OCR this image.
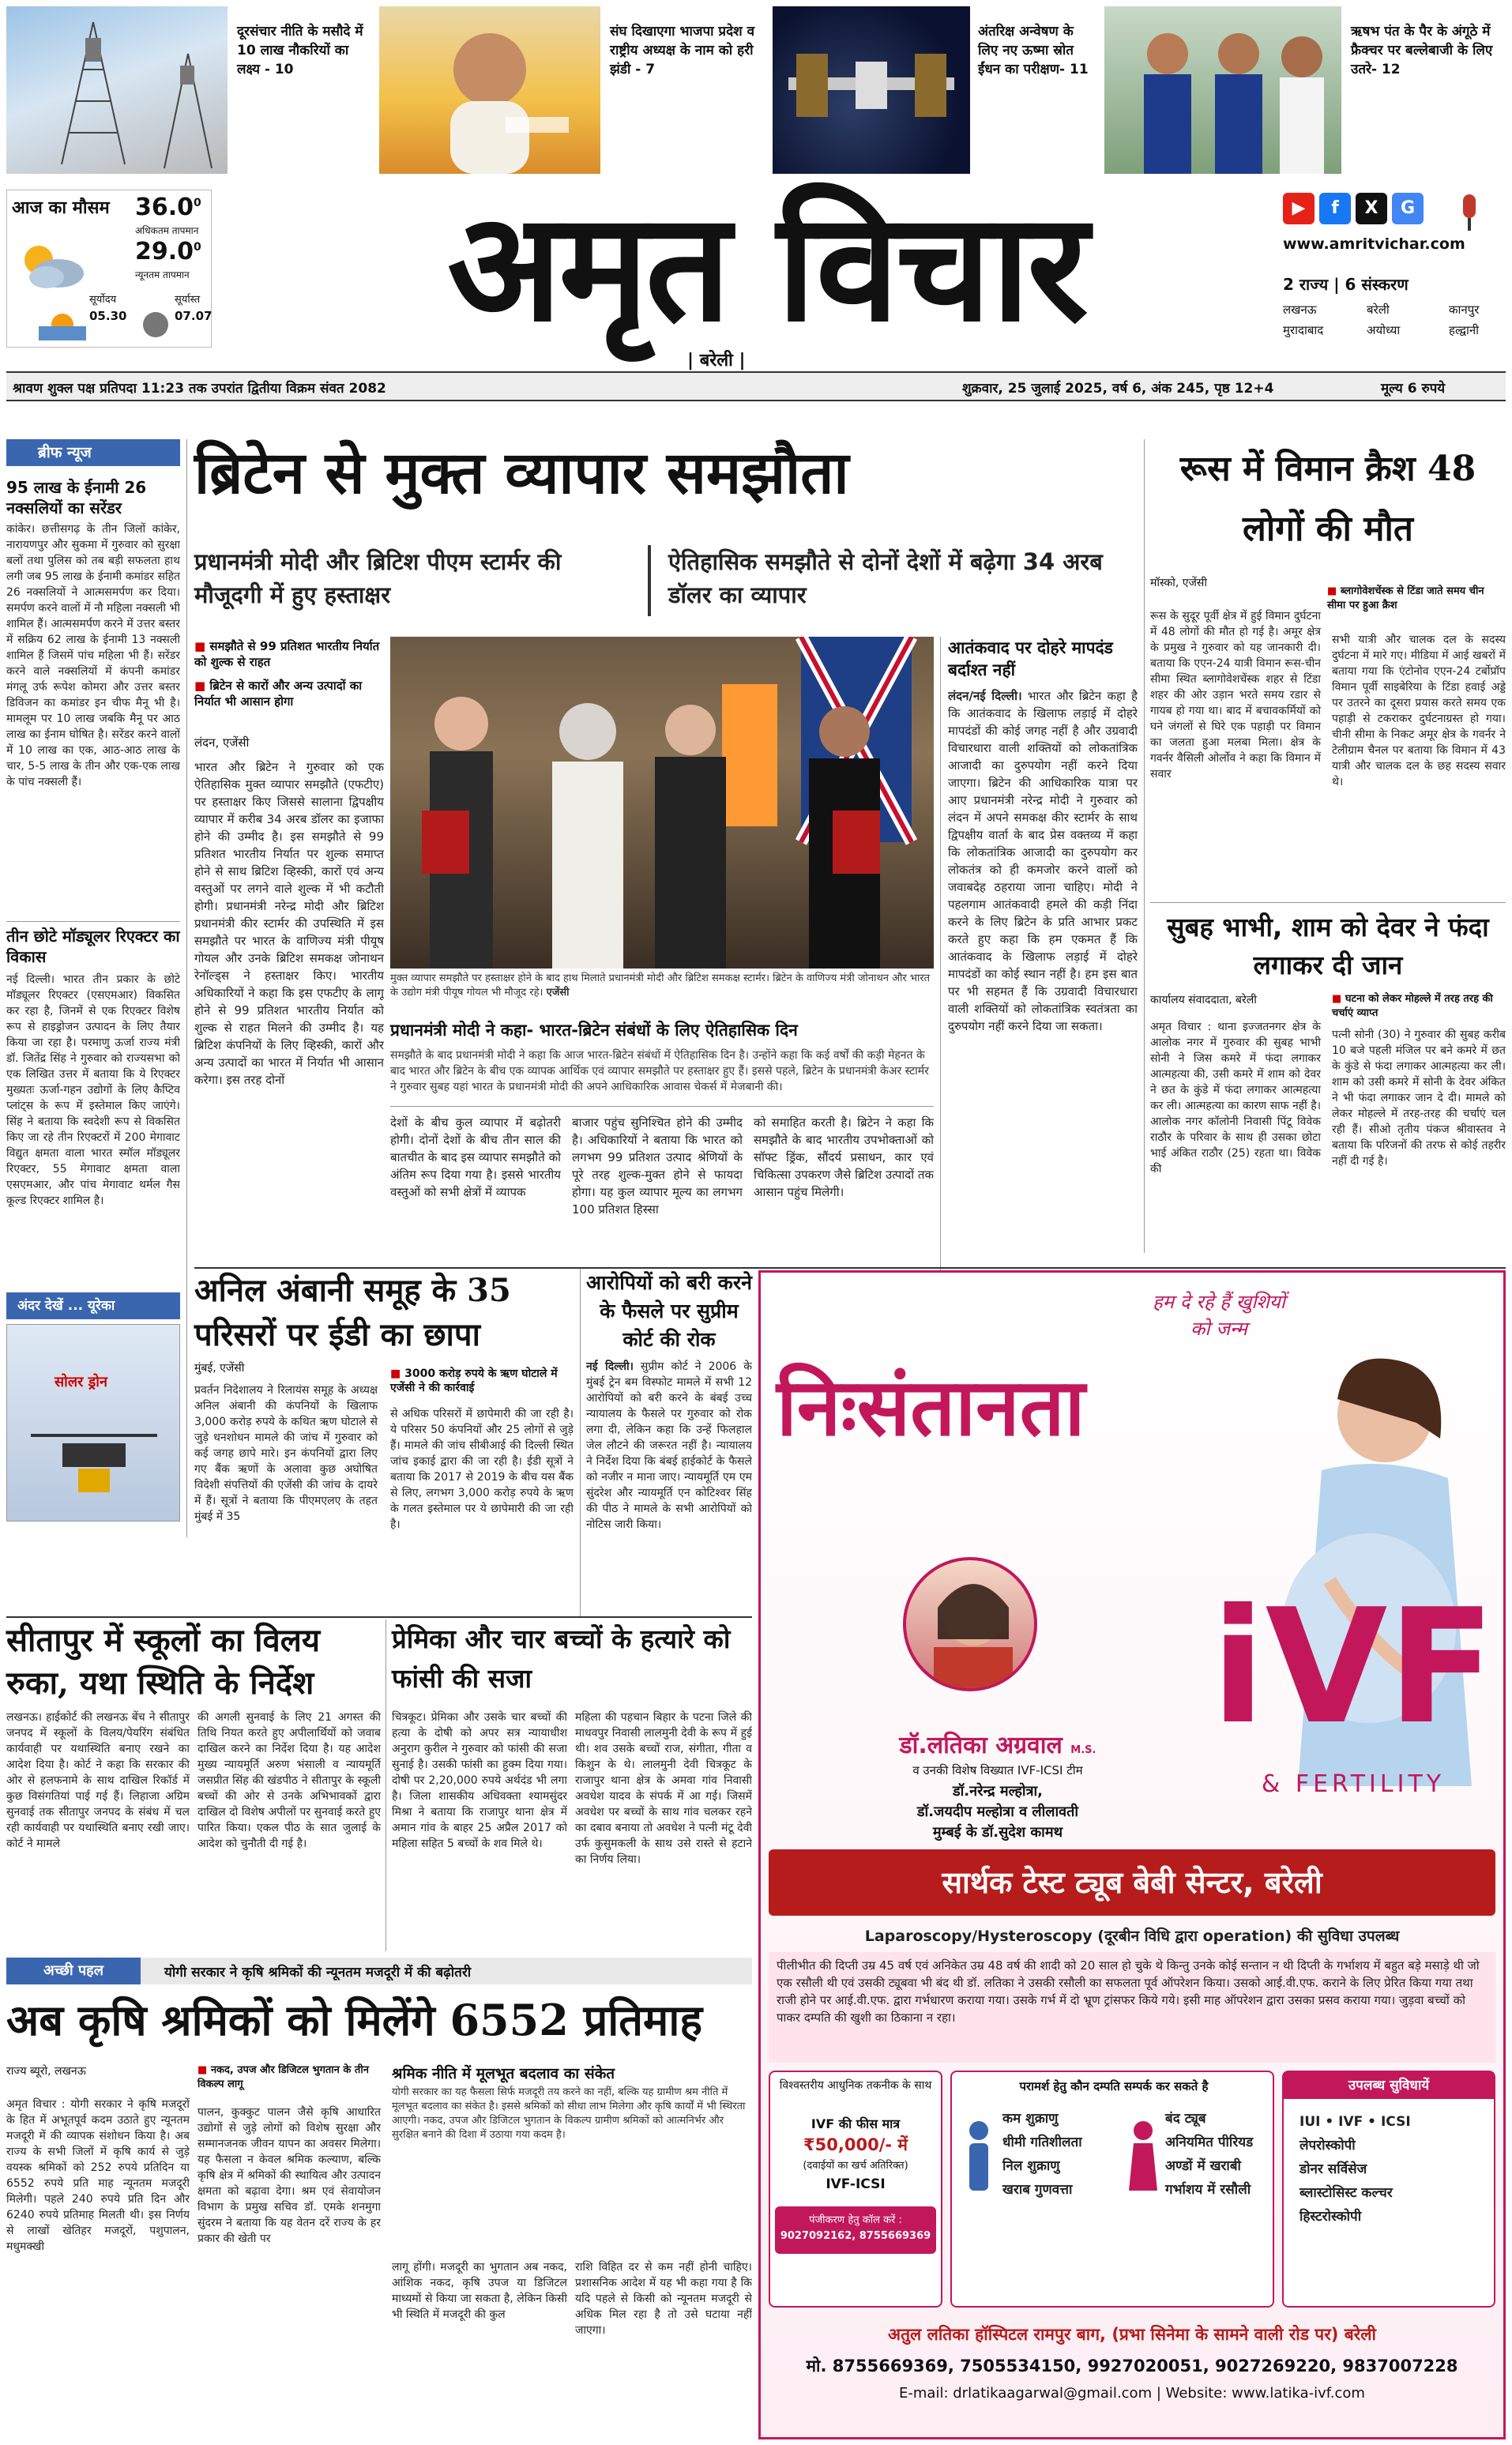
दूरसंचार नीति के मसौदे में 10 लाख नौकरियों का लक्ष्य - 10
संघ दिखाएगा भाजपा प्रदेश व राष्ट्रीय अध्यक्ष के नाम को हरी झंडी - 7
अंतरिक्ष अन्वेषण के लिए नए ऊष्मा स्रोत ईंधन का परीक्षण- 11
ऋषभ पंत के पैर के अंगूठे में फ्रैक्चर पर बल्लेबाजी के लिए उतरे- 12
आज का मौसम 36.0$^0$
अधिकतम तापमान
29.0$^0$
न्यूनतम तापमान
सूर्योदय
05.30
सूर्यास्त
07.07	अमृत विचार
| बरेली |
▶	f	X	G
www.amritvichar.com
2 राज्य | 6 संस्करण
लखनऊ	बरेली	कानपुर
मुरादाबाद	अयोध्या	हल्द्वानी
श्रावण शुक्ल पक्ष प्रतिपदा 11:23 तक उपरांत द्वितीया विक्रम संवत 2082	शुक्रवार, 25 जुलाई 2025, वर्ष 6, अंक 245, पृष्ठ 12+4	मूल्य 6 रुपये
ब्रीफ न्यूज
95 लाख के ईनामी 26 नक्सलियों का सरेंडर
कांकेर। छत्तीसगढ़ के तीन जिलों कांकेर, नारायणपुर और सुकमा में गुरुवार को सुरक्षा बलों तथा पुलिस को तब बड़ी सफलता हाथ लगी जब 95 लाख के ईनामी कमांडर सहित 26 नक्सलियों ने आत्मसमर्पण कर दिया। समर्पण करने वालों में नौ महिला नक्सली भी शामिल हैं। आत्मसमर्पण करने में उत्तर बस्तर में सक्रिय 62 लाख के ईनामी 13 नक्सली शामिल हैं जिसमें पांच महिला भी हैं। सरेंडर करने वाले नक्सलियों में कंपनी कमांडर मंगलू उर्फ रूपेश कोमरा और उत्तर बस्तर डिविजन का कमांडर इन चीफ मैनू भी है। मामलूम पर 10 लाख जबकि मैनू पर आठ लाख का ईनाम घोषित है। सरेंडर करने वालों में 10 लाख का एक, आठ-आठ लाख के चार, 5-5 लाख के तीन और एक-एक लाख के पांच नक्सली हैं।
तीन छोटे मॉड्यूलर रिएक्टर का विकास
नई दिल्ली। भारत तीन प्रकार के छोटे मॉड्यूलर रिएक्टर (एसएमआर) विकसित कर रहा है, जिनमें से एक रिएक्टर विशेष रूप से हाइड्रोजन उत्पादन के लिए तैयार किया जा रहा है। परमाणु ऊर्जा राज्य मंत्री डॉ. जितेंद्र सिंह ने गुरुवार को राज्यसभा को एक लिखित उत्तर में बताया कि ये रिएक्टर मुख्यतः ऊर्जा-गहन उद्योगों के लिए कैप्टिव प्लांट्स के रूप में इस्तेमाल किए जाएंगे। सिंह ने बताया कि स्वदेशी रूप से विकसित किए जा रहे तीन रिएक्टरों में 200 मेगावाट विद्युत क्षमता वाला भारत स्मॉल मॉड्यूलर रिएक्टर, 55 मेगावाट क्षमता वाला एसएमआर, और पांच मेगावाट थर्मल गैस कूल्ड रिएक्टर शामिल है।
अंदर देखें ... यूरेका
सोलर ड्रोन
ब्रिटेन से मुक्त व्यापार समझौता
प्रधानमंत्री मोदी और ब्रिटिश पीएम स्टार्मर की मौजूदगी में हुए हस्ताक्षर
ऐतिहासिक समझौते से दोनों देशों में बढ़ेगा 34 अरब डॉलर का व्यापार
■ समझौते से 99 प्रतिशत भारतीय निर्यात को शुल्क से राहत
■ ब्रिटेन से कारों और अन्य उत्पादों का निर्यात भी आसान होगा
लंदन, एजेंसी
भारत और ब्रिटेन ने गुरुवार को एक ऐतिहासिक मुक्त व्यापार समझौते (एफटीए) पर हस्ताक्षर किए जिससे सालाना द्विपक्षीय व्यापार में करीब 34 अरब डॉलर का इजाफा होने की उम्मीद है। इस समझौते से 99 प्रतिशत भारतीय निर्यात पर शुल्क समाप्त होने से साथ ब्रिटिश व्हिस्की, कारों एवं अन्य वस्तुओं पर लगने वाले शुल्क में भी कटौती होगी। प्रधानमंत्री नरेन्द्र मोदी और ब्रिटिश प्रधानमंत्री कीर स्टार्मर की उपस्थिति में इस समझौते पर भारत के वाणिज्य मंत्री पीयूष गोयल और उनके ब्रिटिश समकक्ष जोनाथन रेनॉल्ड्स ने हस्ताक्षर किए। भारतीय अधिकारियों ने कहा कि इस एफटीए के लागू होने से 99 प्रतिशत भारतीय निर्यात को शुल्क से राहत मिलने की उम्मीद है। यह ब्रिटिश कंपनियों के लिए व्हिस्की, कारों और अन्य उत्पादों का भारत में निर्यात भी आसान करेगा। इस तरह दोनों
मुक्त व्यापार समझौते पर हस्ताक्षर होने के बाद हाथ मिलाते प्रधानमंत्री मोदी और ब्रिटिश समकक्ष स्टार्मर। ब्रिटेन के वाणिज्य मंत्री जोनाथन और भारत के उद्योग मंत्री पीयूष गोयल भी मौजूद रहे। एजेंसी
प्रधानमंत्री मोदी ने कहा- भारत-ब्रिटेन संबंधों के लिए ऐतिहासिक दिन
समझौते के बाद प्रधानमंत्री मोदी ने कहा कि आज भारत-ब्रिटेन संबंधों में ऐतिहासिक दिन है। उन्होंने कहा कि कई वर्षों की कड़ी मेहनत के बाद भारत और ब्रिटेन के बीच एक व्यापक आर्थिक एवं व्यापार समझौते पर हस्ताक्षर हुए हैं। इससे पहले, ब्रिटेन के प्रधानमंत्री केअर स्टार्मर ने गुरुवार सुबह यहां भारत के प्रधानमंत्री मोदी की अपने आधिकारिक आवास चेकर्स में मेजबानी की।
देशों के बीच कुल व्यापार में बढ़ोतरी होगी। दोनों देशों के बीच तीन साल की बातचीत के बाद इस व्यापार समझौते को अंतिम रूप दिया गया है। इससे भारतीय वस्तुओं को सभी क्षेत्रों में व्यापक
बाजार पहुंच सुनिश्चित होने की उम्मीद है। अधिकारियों ने बताया कि भारत को लगभग 99 प्रतिशत उत्पाद श्रेणियों के पूरे तरह शुल्क-मुक्त होने से फायदा होगा। यह कुल व्यापार मूल्य का लगभग 100 प्रतिशत हिस्सा
को समाहित करती है। ब्रिटेन ने कहा कि समझौते के बाद भारतीय उपभोक्ताओं को सॉफ्ट ड्रिंक, सौंदर्य प्रसाधन, कार एवं चिकित्सा उपकरण जैसे ब्रिटिश उत्पादों तक आसान पहुंच मिलेगी।
आतंकवाद पर दोहरे मापदंड बर्दाश्त नहीं
लंदन/नई दिल्ली। भारत और ब्रिटेन कहा है कि आतंकवाद के खिलाफ लड़ाई में दोहरे मापदंडों की कोई जगह नहीं है और उग्रवादी विचारधारा वाली शक्तियों को लोकतांत्रिक आजादी का दुरुपयोग नहीं करने दिया जाएगा। ब्रिटेन की आधिकारिक यात्रा पर आए प्रधानमंत्री नरेन्द्र मोदी ने गुरुवार को लंदन में अपने समकक्ष कीर स्टार्मर के साथ द्विपक्षीय वार्ता के बाद प्रेस वक्तव्य में कहा कि लोकतांत्रिक आजादी का दुरुपयोग कर लोकतंत्र को ही कमजोर करने वालों को जवाबदेह ठहराया जाना चाहिए। मोदी ने पहलगाम आतंकवादी हमले की कड़ी निंदा करने के लिए ब्रिटेन के प्रति आभार प्रकट करते हुए कहा कि हम एकमत हैं कि आतंकवाद के खिलाफ लड़ाई में दोहरे मापदंडों का कोई स्थान नहीं है। हम इस बात पर भी सहमत हैं कि उग्रवादी विचारधारा वाली शक्तियों को लोकतांत्रिक स्वतंत्रता का दुरुपयोग नहीं करने दिया जा सकता।
रूस में विमान क्रैश 48 लोगों की मौत
मॉस्को, एजेंसी
■ ब्लागोवेशचेंस्क से टिंडा जाते समय चीन सीमा पर हुआ क्रैश
रूस के सुदूर पूर्वी क्षेत्र में हुई विमान दुर्घटना में 48 लोगों की मौत हो गई है। अमूर क्षेत्र के प्रमुख ने गुरुवार को यह जानकारी दी। बताया कि एएन-24 यात्री विमान रूस-चीन सीमा स्थित ब्लागोवेशचेंस्क शहर से टिंडा शहर की ओर उड़ान भरते समय रडार से गायब हो गया था। बाद में बचावकर्मियों को घने जंगलों से घिरे एक पहाड़ी पर विमान का जलता हुआ मलबा मिला। क्षेत्र के गवर्नर वैसिली ओर्लोव ने कहा कि विमान में सवार
सभी यात्री और चालक दल के सदस्य दुर्घटना में मारे गए। मीडिया में आई खबरों में बताया गया कि एंटोनोव एएन-24 टर्बोप्रॉप विमान पूर्वी साइबेरिया के टिंडा हवाई अड्डे पर उतरने का दूसरा प्रयास करते समय एक पहाड़ी से टकराकर दुर्घटनाग्रस्त हो गया। चीनी सीमा के निकट अमूर क्षेत्र के गवर्नर ने टेलीग्राम चैनल पर बताया कि विमान में 43 यात्री और चालक दल के छह सदस्य सवार थे।
सुबह भाभी, शाम को देवर ने फंदा लगाकर दी जान
कार्यालय संवाददाता, बरेली	■ घटना को लेकर मोहल्ले में तरह तरह की चर्चाएं व्याप्त
अमृत विचार : थाना इज्जतनगर क्षेत्र के आलोक नगर में गुरुवार की सुबह भाभी सोनी ने जिस कमरे में फंदा लगाकर आत्महत्या की, उसी कमरे में शाम को देवर ने छत के कुंडे में फंदा लगाकर आत्महत्या कर ली। आत्महत्या का कारण साफ नहीं है। आलोक नगर कॉलोनी निवासी पिंटू विवेक राठौर के परिवार के साथ ही उसका छोटा भाई अंकित राठौर (25) रहता था। विवेक की
पत्नी सोनी (30) ने गुरुवार की सुबह करीब 10 बजे पहली मंजिल पर बने कमरे में छत के कुंडे से फंदा लगाकर आत्महत्या कर ली। शाम को उसी कमरे में सोनी के देवर अंकित ने भी फंदा लगाकर जान दे दी। मामले को लेकर मोहल्ले में तरह-तरह की चर्चाएं चल रही हैं। सीओ तृतीय पंकज श्रीवास्तव ने बताया कि परिजनों की तरफ से कोई तहरीर नहीं दी गई है।
अनिल अंबानी समूह के 35 परिसरों पर ईडी का छापा
मुंबई, एजेंसी	■ 3000 करोड़ रुपये के ऋण घोटाले में एजेंसी ने की कार्रवाई
प्रवर्तन निदेशालय ने रिलायंस समूह के अध्यक्ष अनिल अंबानी की कंपनियों के खिलाफ 3,000 करोड़ रुपये के कथित ऋण घोटाले से जुड़े धनशोधन मामले की जांच में गुरुवार को कई जगह छापे मारे। इन कंपनियों द्वारा लिए गए बैंक ऋणों के अलावा कुछ अघोषित विदेशी संपत्तियों की एजेंसी की जांच के दायरे में हैं। सूत्रों ने बताया कि पीएमएलए के तहत मुंबई में 35
से अधिक परिसरों में छापेमारी की जा रही है। ये परिसर 50 कंपनियों और 25 लोगों से जुड़े हैं। मामले की जांच सीबीआई की दिल्ली स्थित जांच इकाई द्वारा की जा रही है। ईडी सूत्रों ने बताया कि 2017 से 2019 के बीच यस बैंक से लिए, लगभग 3,000 करोड़ रुपये के ऋण के गलत इस्तेमाल पर ये छापेमारी की जा रही है।
आरोपियों को बरी करने के फैसले पर सुप्रीम कोर्ट की रोक
नई दिल्ली। सुप्रीम कोर्ट ने 2006 के मुंबई ट्रेन बम विस्फोट मामले में सभी 12 आरोपियों को बरी करने के बंबई उच्च न्यायालय के फैसले पर गुरुवार को रोक लगा दी, लेकिन कहा कि उन्हें फिलहाल जेल लौटने की जरूरत नहीं है। न्यायालय ने निर्देश दिया कि बंबई हाईकोर्ट के फैसले को नजीर न माना जाए। न्यायमूर्ति एम एम सुंदरेश और न्यायमूर्ति एन कोटिश्वर सिंह की पीठ ने मामले के सभी आरोपियों को नोटिस जारी किया।
सीतापुर में स्कूलों का विलय रुका, यथा स्थिति के निर्देश
लखनऊ। हाईकोर्ट की लखनऊ बेंच ने सीतापुर जनपद में स्कूलों के विलय/पेयरिंग संबंधित कार्यवाही पर यथास्थिति बनाए रखने का आदेश दिया है। कोर्ट ने कहा कि सरकार की ओर से हलफनामे के साथ दाखिल रिकॉर्ड में कुछ विसंगतियां पाई गई हैं। लिहाजा अग्रिम सुनवाई तक सीतापुर जनपद के संबंध में चल रही कार्यवाही पर यथास्थिति बनाए रखी जाए। कोर्ट ने मामले
की अगली सुनवाई के लिए 21 अगस्त की तिथि नियत करते हुए अपीलार्थियों को जवाब दाखिल करने का निर्देश दिया है। यह आदेश मुख्य न्यायमूर्ति अरुण भंसाली व न्यायमूर्ति जसप्रीत सिंह की खंडपीठ ने सीतापुर के स्कूली बच्चों की ओर से उनके अभिभावकों द्वारा दाखिल दो विशेष अपीलों पर सुनवाई करते हुए पारित किया। एकल पीठ के सात जुलाई के आदेश को चुनौती दी गई है।
प्रेमिका और चार बच्चों के हत्यारे को फांसी की सजा
चित्रकूट। प्रेमिका और उसके चार बच्चों की हत्या के दोषी को अपर सत्र न्यायाधीश अनुराग कुरील ने गुरुवार को फांसी की सजा सुनाई है। उसकी फांसी का हुक्म दिया गया। दोषी पर 2,20,000 रुपये अर्थदंड भी लगा है। जिला शासकीय अधिवक्ता श्यामसुंदर मिश्रा ने बताया कि राजापुर थाना क्षेत्र में अमान गांव के बाहर 25 अप्रैल 2017 को महिला सहित 5 बच्चों के शव मिले थे।
महिला की पहचान बिहार के पटना जिले की माधवपुर निवासी लालमुनी देवी के रूप में हुई थी। शव उसके बच्चों राज, संगीता, गीता व किशुन के थे। लालमुनी देवी चित्रकूट के राजापुर थाना क्षेत्र के अमवा गांव निवासी अवधेश यादव के संपर्क में आ गई। जिसमें अवधेश पर बच्चों के साथ गांव चलकर रहने का दबाव बनाया तो अवधेश ने पत्नी मंटू देवी उर्फ कुसुमकली के साथ उसे रास्ते से हटाने का निर्णय लिया।
अच्छी पहल	योगी सरकार ने कृषि श्रमिकों की न्यूनतम मजदूरी में की बढ़ोतरी
अब कृषि श्रमिकों को मिलेंगे 6552 प्रतिमाह
राज्य ब्यूरो, लखनऊ	■ नकद, उपज और डिजिटल भुगतान के तीन विकल्प लागू
श्रमिक नीति में मूलभूत बदलाव का संकेत
योगी सरकार का यह फैसला सिर्फ मजदूरी तय करने का नहीं, बल्कि यह ग्रामीण श्रम नीति में मूलभूत बदलाव का संकेत है। इससे श्रमिकों को सीधा लाभ मिलेगा और कृषि कार्यों में भी स्थिरता आएगी। नकद, उपज और डिजिटल भुगतान के विकल्प ग्रामीण श्रमिकों को आत्मनिर्भर और सुरक्षित बनाने की दिशा में उठाया गया कदम है।
अमृत विचार : योगी सरकार ने कृषि मजदूरों के हित में अभूतपूर्व कदम उठाते हुए न्यूनतम मजदूरी में की व्यापक संशोधन किया है। अब राज्य के सभी जिलों में कृषि कार्य से जुड़े वयस्क श्रमिकों को 252 रुपये प्रतिदिन या 6552 रुपये प्रति माह न्यूनतम मजदूरी मिलेगी। पहले 240 रुपये प्रति दिन और 6240 रुपये प्रतिमाह मिलती थी। इस निर्णय से लाखों खेतिहर मजदूरों, पशुपालन, मधुमक्खी
पालन, कुक्कुट पालन जैसे कृषि आधारित उद्योगों से जुड़े लोगों को विशेष सुरक्षा और सम्मानजनक जीवन यापन का अवसर मिलेगा। यह फैसला न केवल श्रमिक कल्याण, बल्कि कृषि क्षेत्र में श्रमिकों की स्थायित्व और उत्पादन क्षमता को बढ़ावा देगा। श्रम एवं सेवायोजन विभाग के प्रमुख सचिव डॉ. एमके शनमुगा सुंदरम ने बताया कि यह वेतन दरें राज्य के हर प्रकार की खेती पर
लागू होंगी। मजदूरी का भुगतान अब नकद, आंशिक नकद, कृषि उपज या डिजिटल माध्यमों से किया जा सकता है, लेकिन किसी भी स्थिति में मजदूरी की कुल
राशि विहित दर से कम नहीं होनी चाहिए। प्रशासनिक आदेश में यह भी कहा गया है कि यदि पहले से किसी को न्यूनतम मजदूरी से अधिक मिल रहा है तो उसे घटाया नहीं जाएगा।
हम दे रहे हैं खुशियों को जन्म
निःसंतानता
डॉ.लतिका अग्रवाल M.S.
व उनकी विशेष विख्यात IVF-ICSI टीम
डॉ.नरेन्द्र मल्होत्रा,
डॉ.जयदीप मल्होत्रा व लीलावती
मुम्बई के डॉ.सुदेश कामथ
iVF
& FERTILITY
सार्थक टेस्ट ट्यूब बेबी सेन्टर, बरेली
Laparoscopy/Hysteroscopy (दूरबीन विधि द्वारा operation) की सुविधा उपलब्ध
पीलीभीत की दिप्ती उम्र 45 वर्ष एवं अनिकेत उम्र 48 वर्ष की शादी को 20 साल हो चुके थे किन्तु उनके कोई सन्तान न थी दिप्ती के गर्भाशय में बहुत बड़े मसाड़े थी जो एक रसौली थी एवं उसकी ट्यूबवा भी बंद थी डॉ. लतिका ने उसकी रसौली का सफलता पूर्व ऑपरेशन किया। उसको आई.वी.एफ. कराने के लिए प्रेरित किया गया तथा राजी होने पर आई.वी.एफ. द्वारा गर्भधारण कराया गया। उसके गर्भ में दो भ्रूण ट्रांसफर किये गये। इसी माह ऑपरेशन द्वारा उसका प्रसव कराया गया। जुड़वा बच्चों को पाकर दम्पति की खुशी का ठिकाना न रहा।
विश्वस्तरीय आधुनिक तकनीक के साथ
IVF की फीस मात्र
₹50,000/- में
(दवाईयों का खर्च अतिरिक्त)
IVF-ICSI
पंजीकरण हेतु कॉल करें :
9027092162, 8755669369
परामर्श हेतु कौन दम्पति सम्पर्क कर सकते है
कम शुक्राणु
धीमी गतिशीलता
निल शुक्राणु
खराब गुणवत्ता
बंद ट्यूब
अनियमित पीरियड
अण्डों में खराबी
गर्भाशय में रसौली
उपलब्ध सुविधायें
IUI • IVF • ICSI
लेपरोस्कोपी
डोनर सर्विसेज
ब्लास्टोसिस्ट कल्चर
हिस्टरोस्कोपी
अतुल लतिका हॉस्पिटल रामपुर बाग, (प्रभा सिनेमा के सामने वाली रोड पर) बरेली
मो. 8755669369, 7505534150, 9927020051, 9027269220, 9837007228
E-mail: drlatikaagarwal@gmail.com | Website: www.latika-ivf.com
